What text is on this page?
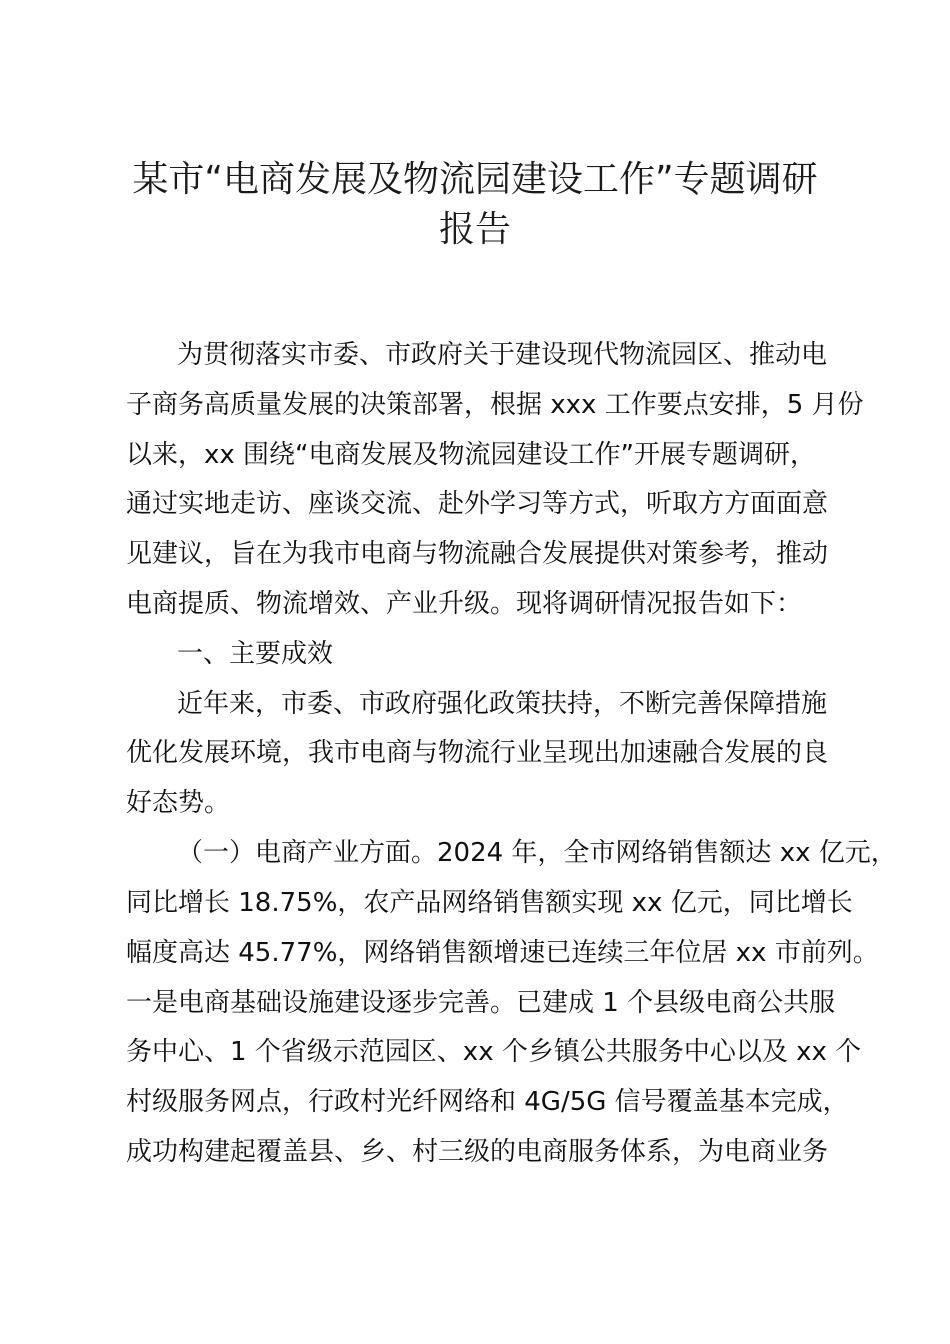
某市“电商发展及物流园建设工作”专题调研
报告
为贯彻落实市委、市政府关于建设现代物流园区、推动电
子商务高质量发展的决策部署，根据 xxx 工作要点安排，5 月份
以来，xx 围绕“电商发展及物流园建设工作”开展专题调研，
通过实地走访、座谈交流、赴外学习等方式，听取方方面面意
见建议，旨在为我市电商与物流融合发展提供对策参考，推动
电商提质、物流增效、产业升级。现将调研情况报告如下：
一、主要成效
近年来，市委、市政府强化政策扶持，不断完善保障措施
优化发展环境，我市电商与物流行业呈现出加速融合发展的良
好态势。
（一）电商产业方面。2024 年，全市网络销售额达 xx 亿元，
同比增长 18.75%，农产品网络销售额实现 xx 亿元，同比增长
幅度高达 45.77%，网络销售额增速已连续三年位居 xx 市前列。
一是电商基础设施建设逐步完善。已建成 1 个县级电商公共服
务中心、1 个省级示范园区、xx 个乡镇公共服务中心以及 xx 个
村级服务网点，行政村光纤网络和 4G/5G 信号覆盖基本完成，
成功构建起覆盖县、乡、村三级的电商服务体系，为电商业务
